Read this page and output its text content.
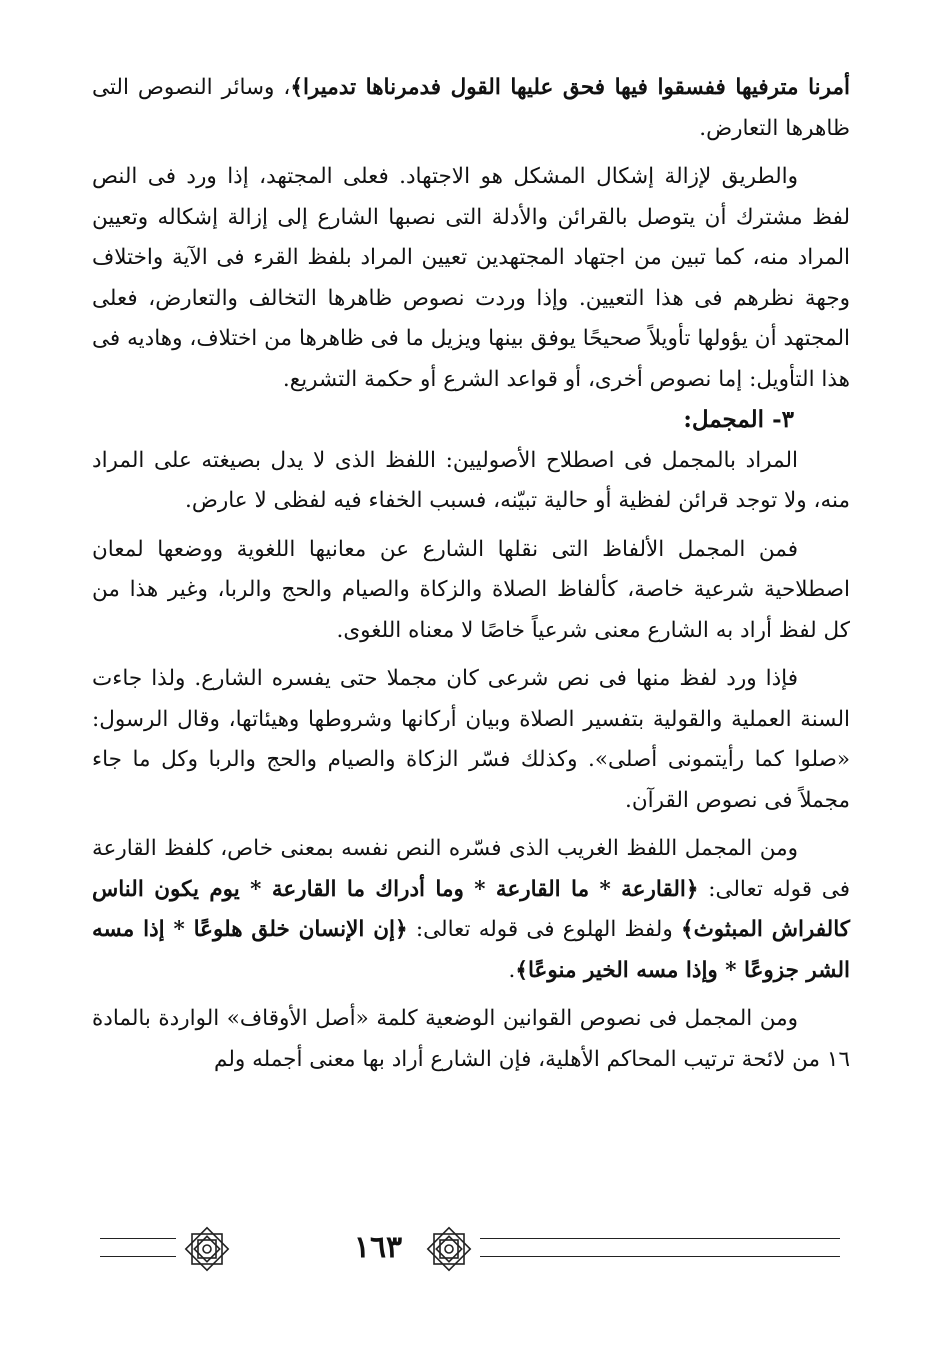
أمرنا مترفيها ففسقوا فيها فحق عليها القول فدمرناها تدميرا﴾، وسائر النصوص التى ظاهرها التعارض.

والطريق لإزالة إشكال المشكل هو الاجتهاد. فعلى المجتهد، إذا ورد فى النص لفظ مشترك أن يتوصل بالقرائن والأدلة التى نصبها الشارع إلى إزالة إشكاله وتعيين المراد منه، كما تبين من اجتهاد المجتهدين تعيين المراد بلفظ القرء فى الآية واختلاف وجهة نظرهم فى هذا التعيين. وإذا وردت نصوص ظاهرها التخالف والتعارض، فعلى المجتهد أن يؤولها تأويلاً صحيحًا يوفق بينها ويزيل ما فى ظاهرها من اختلاف، وهاديه فى هذا التأويل: إما نصوص أخرى، أو قواعد الشرع أو حكمة التشريع.

٣- المجمل:

المراد بالمجمل فى اصطلاح الأصوليين: اللفظ الذى لا يدل بصيغته على المراد منه، ولا توجد قرائن لفظية أو حالية تبيّنه، فسبب الخفاء فيه لفظى لا عارض.

فمن المجمل الألفاظ التى نقلها الشارع عن معانيها اللغوية ووضعها لمعان اصطلاحية شرعية خاصة، كألفاظ الصلاة والزكاة والصيام والحج والربا، وغير هذا من كل لفظ أراد به الشارع معنى شرعياً خاصًا لا معناه اللغوى.

فإذا ورد لفظ منها فى نص شرعى كان مجملا حتى يفسره الشارع. ولذا جاءت السنة العملية والقولية بتفسير الصلاة وبيان أركانها وشروطها وهيئاتها، وقال الرسول: «صلوا كما رأيتمونى أصلى». وكذلك فسّر الزكاة والصيام والحج والربا وكل ما جاء مجملاً فى نصوص القرآن.

ومن المجمل اللفظ الغريب الذى فسّره النص نفسه بمعنى خاص، كلفظ القارعة فى قوله تعالى: ﴿القارعة * ما القارعة * وما أدراك ما القارعة * يوم يكون الناس كالفراش المبثوث﴾ ولفظ الهلوع فى قوله تعالى: ﴿إن الإنسان خلق هلوعًا * إذا مسه الشر جزوعًا * وإذا مسه الخير منوعًا﴾.

ومن المجمل فى نصوص القوانين الوضعية كلمة «أصل الأوقاف» الواردة بالمادة ١٦ من لائحة ترتيب المحاكم الأهلية، فإن الشارع أراد بها معنى أجمله ولم

١٦٣
